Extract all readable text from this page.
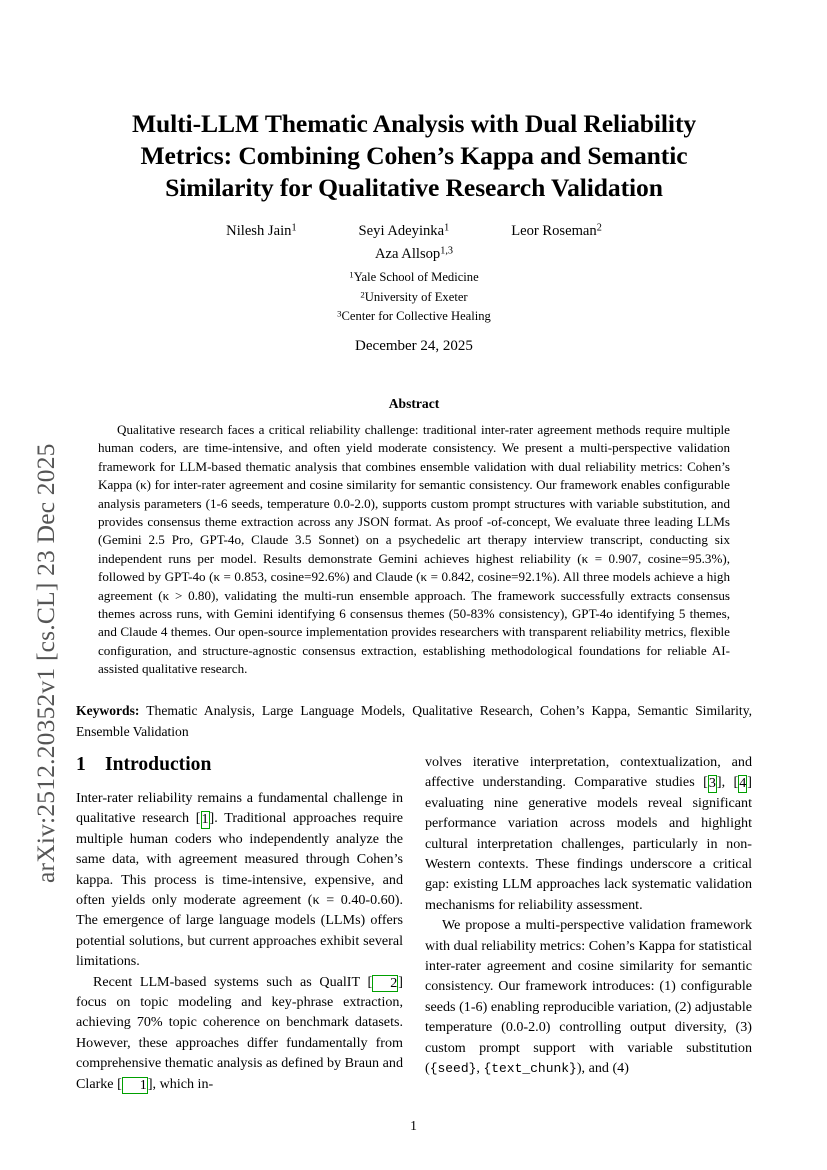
arXiv:2512.20352v1 [cs.CL] 23 Dec 2025
Multi-LLM Thematic Analysis with Dual Reliability Metrics: Combining Cohen’s Kappa and Semantic Similarity for Qualitative Research Validation
Nilesh Jain$^1$	Seyi Adeyinka$^1$	Leor Roseman$^2$
Aza Allsop$^{1,3}$
$^1$Yale School of Medicine
$^2$University of Exeter
$^3$Center for Collective Healing
December 24, 2025
Abstract

Qualitative research faces a critical reliability challenge: traditional inter-rater agreement methods require multiple human coders, are time-intensive, and often yield moderate consistency. We present a multi-perspective validation framework for LLM-based thematic analysis that combines ensemble validation with dual reliability metrics: Cohen’s Kappa (κ) for inter-rater agreement and cosine similarity for semantic consistency. Our framework enables configurable analysis parameters (1-6 seeds, temperature 0.0-2.0), supports custom prompt structures with variable substitution, and provides consensus theme extraction across any JSON format. As proof -of-concept, We evaluate three leading LLMs (Gemini 2.5 Pro, GPT-4o, Claude 3.5 Sonnet) on a psychedelic art therapy interview transcript, conducting six independent runs per model. Results demonstrate Gemini achieves highest reliability (κ = 0.907, cosine=95.3%), followed by GPT-4o (κ = 0.853, cosine=92.6%) and Claude (κ = 0.842, cosine=92.1%). All three models achieve a high agreement (κ > 0.80), validating the multi-run ensemble approach. The framework successfully extracts consensus themes across runs, with Gemini identifying 6 consensus themes (50-83% consistency), GPT-4o identifying 5 themes, and Claude 4 themes. Our open-source implementation provides researchers with transparent reliability metrics, flexible configuration, and structure-agnostic consensus extraction, establishing methodological foundations for reliable AI-assisted qualitative research.

Keywords: Thematic Analysis, Large Language Models, Qualitative Research, Cohen’s Kappa, Semantic Similarity, Ensemble Validation
1 Introduction

Inter-rater reliability remains a fundamental challenge in qualitative research [1]. Traditional approaches require multiple human coders who independently analyze the same data, with agreement measured through Cohen’s kappa. This process is time-intensive, expensive, and often yields only moderate agreement (κ = 0.40-0.60). The emergence of large language models (LLMs) offers potential solutions, but current approaches exhibit several limitations.

Recent LLM-based systems such as QualIT [ 2] focus on topic modeling and key-phrase extraction, achieving 70% topic coherence on benchmark datasets. However, these approaches differ fundamentally from comprehensive thematic analysis as defined by Braun and Clarke [ 1], which in-

volves iterative interpretation, contextualization, and affective understanding. Comparative studies [3], [4] evaluating nine generative models reveal significant performance variation across models and highlight cultural interpretation challenges, particularly in non-Western contexts. These findings underscore a critical gap: existing LLM approaches lack systematic validation mechanisms for reliability assessment.

We propose a multi-perspective validation framework with dual reliability metrics: Cohen’s Kappa for statistical inter-rater agreement and cosine similarity for semantic consistency. Our framework introduces: (1) configurable seeds (1-6) enabling reproducible variation, (2) adjustable temperature (0.0-2.0) controlling output diversity, (3) custom prompt support with variable substitution ({seed}, {text_chunk}), and (4)

1
